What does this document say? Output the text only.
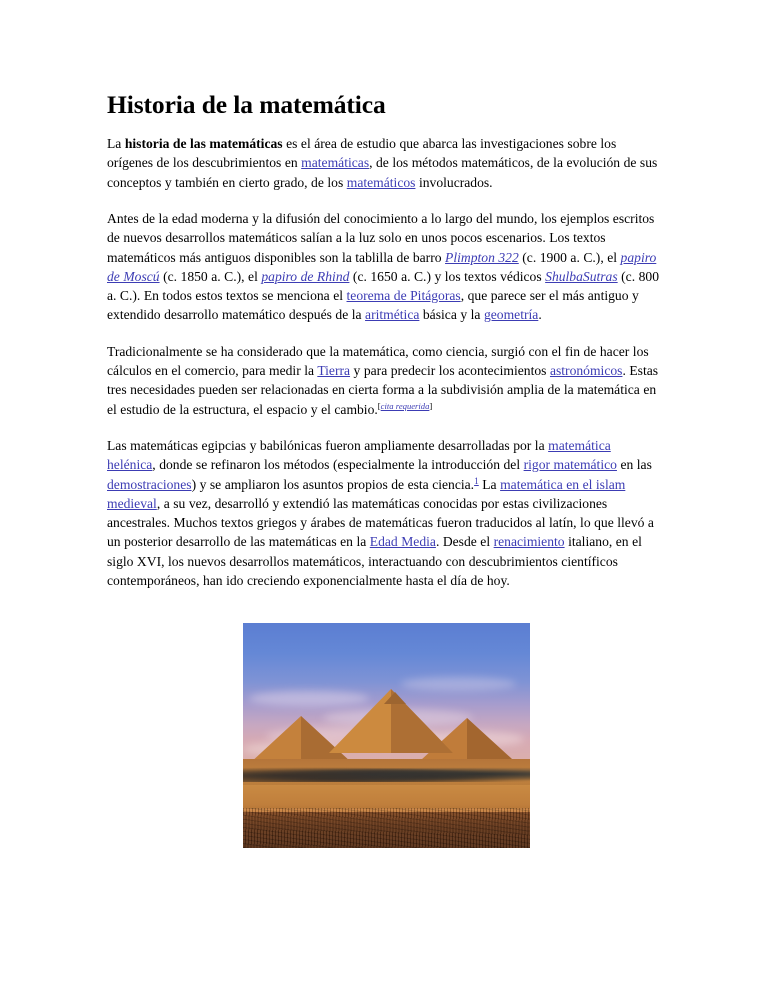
Historia de la matemática

La historia de las matemáticas es el área de estudio que abarca las investigaciones sobre los orígenes de los descubrimientos en matemáticas, de los métodos matemáticos, de la evolución de sus conceptos y también en cierto grado, de los matemáticos involucrados.

Antes de la edad moderna y la difusión del conocimiento a lo largo del mundo, los ejemplos escritos de nuevos desarrollos matemáticos salían a la luz solo en unos pocos escenarios. Los textos matemáticos más antiguos disponibles son la tablilla de barro Plimpton 322 (c. 1900 a. C.), el papiro de Moscú (c. 1850 a. C.), el papiro de Rhind (c. 1650 a. C.) y los textos védicos ShulbaSutras (c. 800 a. C.). En todos estos textos se menciona el teorema de Pitágoras, que parece ser el más antiguo y extendido desarrollo matemático después de la aritmética básica y la geometría.

Tradicionalmente se ha considerado que la matemática, como ciencia, surgió con el fin de hacer los cálculos en el comercio, para medir la Tierra y para predecir los acontecimientos astronómicos. Estas tres necesidades pueden ser relacionadas en cierta forma a la subdivisión amplia de la matemática en el estudio de la estructura, el espacio y el cambio.[cita requerida]

Las matemáticas egipcias y babilónicas fueron ampliamente desarrolladas por la matemática helénica, donde se refinaron los métodos (especialmente la introducción del rigor matemático en las demostraciones) y se ampliaron los asuntos propios de esta ciencia.$^1$ La matemática en el islam medieval, a su vez, desarrolló y extendió las matemáticas conocidas por estas civilizaciones ancestrales. Muchos textos griegos y árabes de matemáticas fueron traducidos al latín, lo que llevó a un posterior desarrollo de las matemáticas en la Edad Media. Desde el renacimiento italiano, en el siglo XVI, los nuevos desarrollos matemáticos, interactuando con descubrimientos científicos contemporáneos, han ido creciendo exponencialmente hasta el día de hoy.
